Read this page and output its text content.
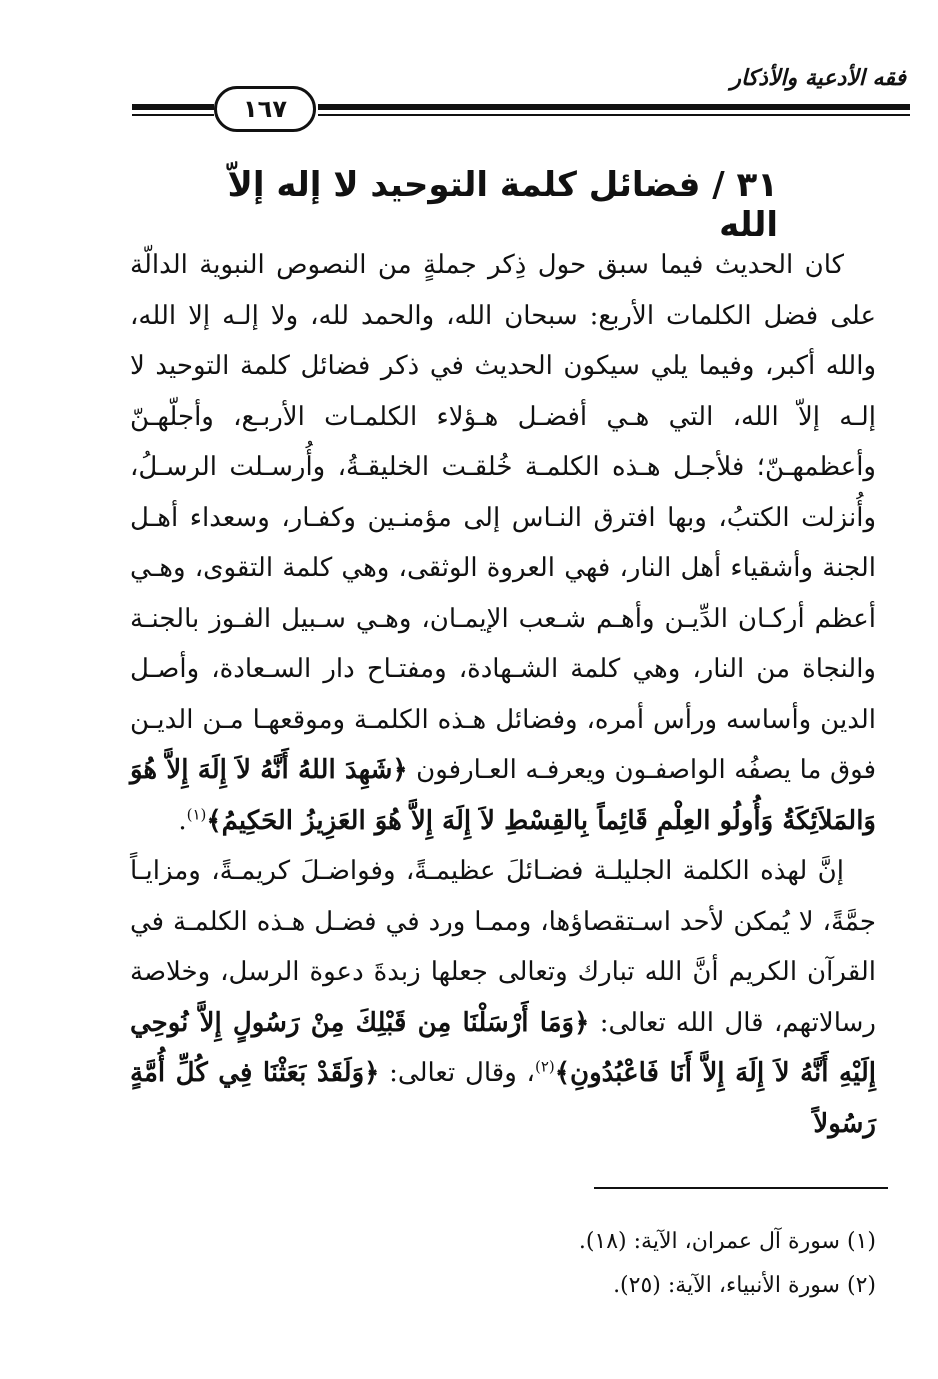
فقه الأدعية والأذكار
١٦٧
٣١ / فضائل كلمة التوحيد لا إله إلاّ الله

كان الحديث فيما سبق حول ذِكر جملةٍ من النصوص النبوية الدالّة على فضل الكلمات الأربع: سبحان الله، والحمد لله، ولا إلـه إلا الله، والله أكبر، وفيما يلي سيكون الحديث في ذكر فضائل كلمة التوحيد لا إلـه إلاّ الله، التي هـي أفضـل هـؤلاء الكلمـات الأربـع، وأجلّهـنّ وأعظمهـنّ؛ فلأجـل هـذه الكلمـة خُلقـت الخليقـةُ، وأُرسـلت الرسـلُ، وأُنزلت الكتبُ، وبها افترق النـاس إلى مؤمنـين وكفـار، وسعداء أهـل الجنة وأشقياء أهل النار، فهي العروة الوثقى، وهي كلمة التقوى، وهـي أعظم أركـان الدِّيـن وأهـم شـعب الإيمـان، وهـي سـبيل الفـوز بالجنـة والنجاة من النار، وهي كلمة الشـهادة، ومفتـاح دار السـعادة، وأصـل الدين وأساسه ورأس أمره، وفضائل هـذه الكلمـة وموقعهـا مـن الديـن فوق ما يصفُه الواصفـون ويعرفـه العـارفون ﴿شَهِدَ اللهُ أَنَّهُ لاَ إِلَهَ إِلاَّ هُوَ وَالمَلاَئِكَةُ وَأُولُو العِلْمِ قَائِماً بِالقِسْطِ لاَ إِلَهَ إِلاَّ هُوَ العَزِيزُ الحَكِيمُ﴾$^{(١)}$.

إنَّ لهذه الكلمة الجليلـة فضـائلَ عظيمـةً، وفواضـلَ كريمـةً، ومزايـاً جمَّةً، لا يُمكن لأحد اسـتقصاؤها، وممـا ورد في فضـل هـذه الكلمـة في القرآن الكريم أنَّ الله تبارك وتعالى جعلها زبدةَ دعوة الرسل، وخلاصة رسالاتهم، قال الله تعالى: ﴿وَمَا أَرْسَلْنَا مِن قَبْلِكَ مِنْ رَسُولٍ إِلاَّ نُوحِي إِلَيْهِ أَنَّهُ لاَ إِلَهَ إِلاَّ أَنَا فَاعْبُدُونِ﴾$^{(٢)}$، وقال تعالى: ﴿وَلَقَدْ بَعَثْنَا فِي كُلِّ أُمَّةٍ رَسُولاً

(١) سورة آل عمران، الآية: (١٨).
(٢) سورة الأنبياء، الآية: (٢٥).
